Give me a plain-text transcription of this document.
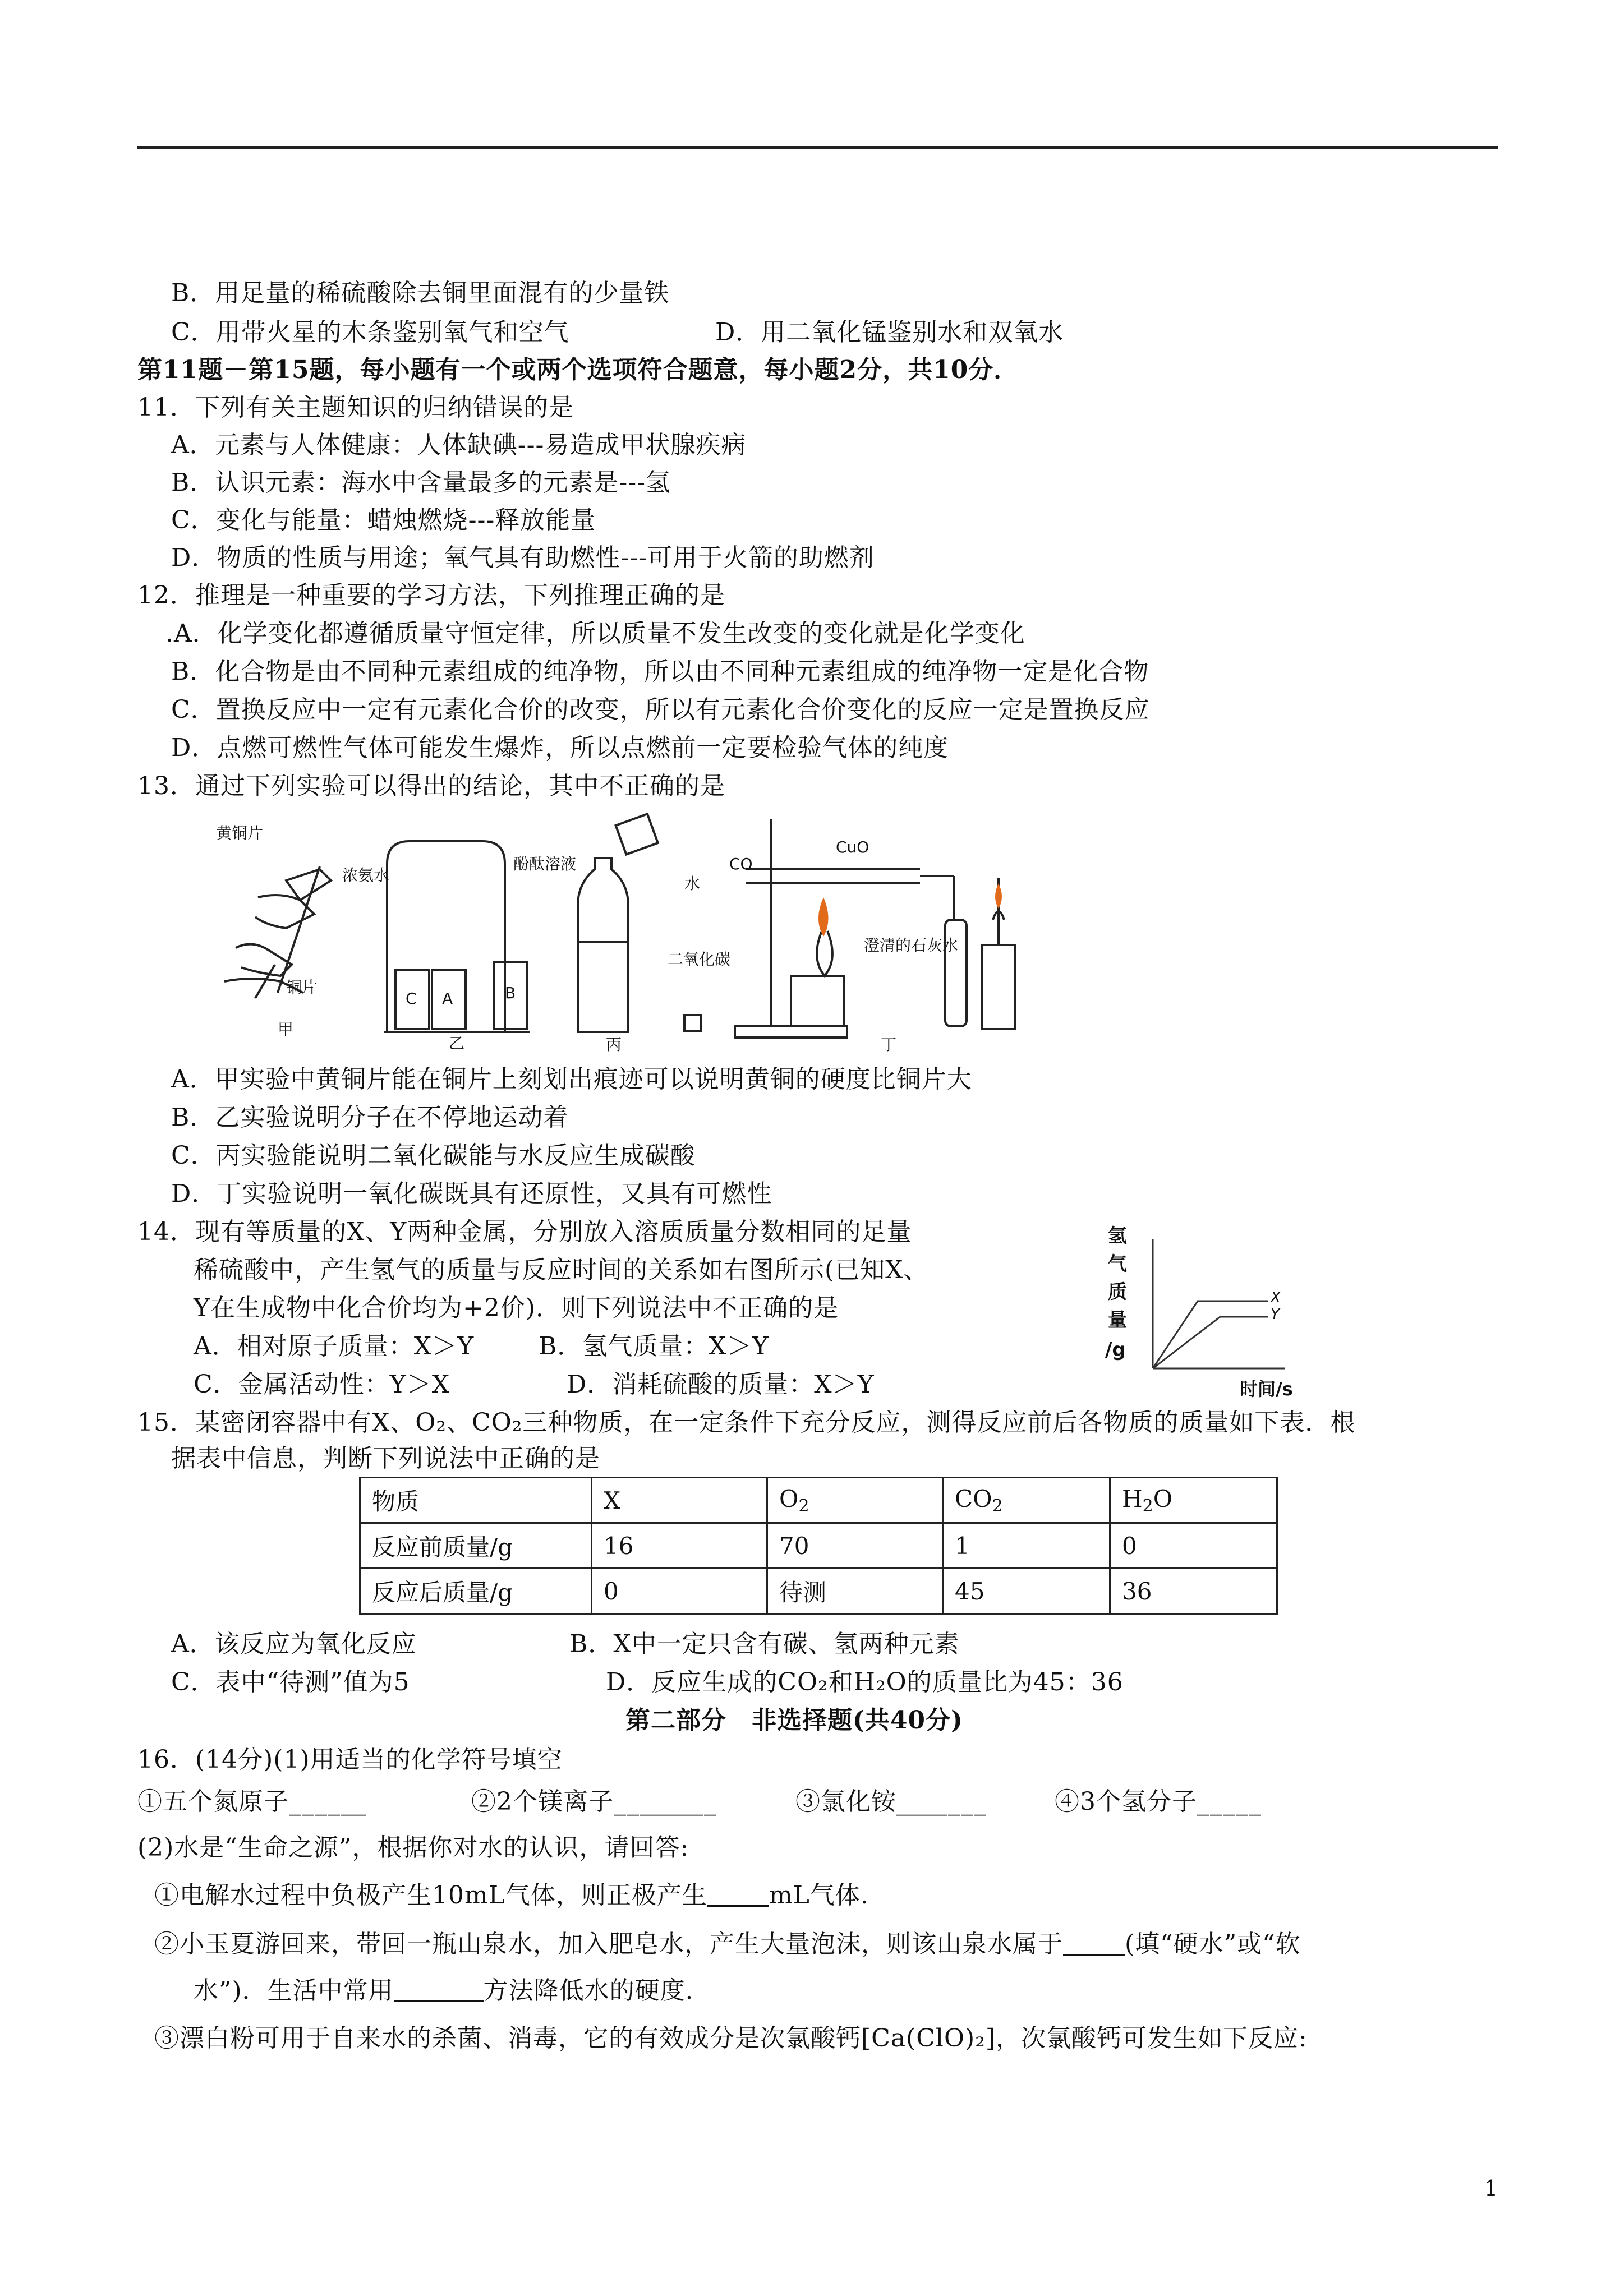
B．用足量的稀硫酸除去铜里面混有的少量铁
C．用带火星的木条鉴别氧气和空气	D．用二氧化锰鉴别水和双氧水
第11题－第15题，每小题有一个或两个选项符合题意，每小题2分，共10分．
11．下列有关主题知识的归纳错误的是
A．元素与人体健康：人体缺碘---易造成甲状腺疾病
B．认识元素：海水中含量最多的元素是---氢
C．变化与能量：蜡烛燃烧---释放能量
D．物质的性质与用途；氧气具有助燃性---可用于火箭的助燃剂
12．推理是一种重要的学习方法，下列推理正确的是
.A．化学变化都遵循质量守恒定律，所以质量不发生改变的变化就是化学变化
B．化合物是由不同种元素组成的纯净物，所以由不同种元素组成的纯净物一定是化合物
C．置换反应中一定有元素化合价的改变，所以有元素化合价变化的反应一定是置换反应
D．点燃可燃性气体可能发生爆炸，所以点燃前一定要检验气体的纯度
13．通过下列实验可以得出的结论，其中不正确的是
黄铜片
铜片
浓氨水
酚酞溶液
C A	B
水
二氧化碳
CuO
CO
澄清的石灰水
甲
乙	丙	丁
A．甲实验中黄铜片能在铜片上刻划出痕迹可以说明黄铜的硬度比铜片大
B．乙实验说明分子在不停地运动着
C．丙实验能说明二氧化碳能与水反应生成碳酸
D．丁实验说明一氧化碳既具有还原性，又具有可燃性
14．现有等质量的X、Y两种金属，分别放入溶质质量分数相同的足量
稀硫酸中，产生氢气的质量与反应时间的关系如右图所示(已知X、
Y在生成物中化合价均为+2价)．则下列说法中不正确的是
A．相对原子质量：X＞Y	B．氢气质量：X＞Y
C．金属活动性：Y＞X	D．消耗硫酸的质量：X＞Y
氢
气
质
量
/g
X
Y
时间/s
15．某密闭容器中有X、O₂、CO₂三种物质，在一定条件下充分反应，测得反应前后各物质的质量如下表．根
据表中信息，判断下列说法中正确的是
物质	X	$O_2$	$CO_2$	$H_2O$
反应前质量/g	16	70	1	0
反应后质量/g	0	待测	45	36
A．该反应为氧化反应	B．X中一定只含有碳、氢两种元素
C．表中“待测”值为5	D．反应生成的CO₂和H₂O的质量比为45：36
第二部分　非选择题(共40分)
16．(14分)(1)用适当的化学符号填空
①五个氮原子______	②2个镁离子________	③氯化铵_______	④3个氢分子_____
(2)水是“生命之源”，根据你对水的认识，请回答:
①电解水过程中负极产生10mL气体，则正极产生	mL气体.
②小玉夏游回来，带回一瓶山泉水，加入肥皂水，产生大量泡沫，则该山泉水属于	(填“硬水”或“软
水”)．生活中常用	方法降低水的硬度.
③漂白粉可用于自来水的杀菌、消毒，它的有效成分是次氯酸钙[Ca(ClO)₂]，次氯酸钙可发生如下反应:
1
